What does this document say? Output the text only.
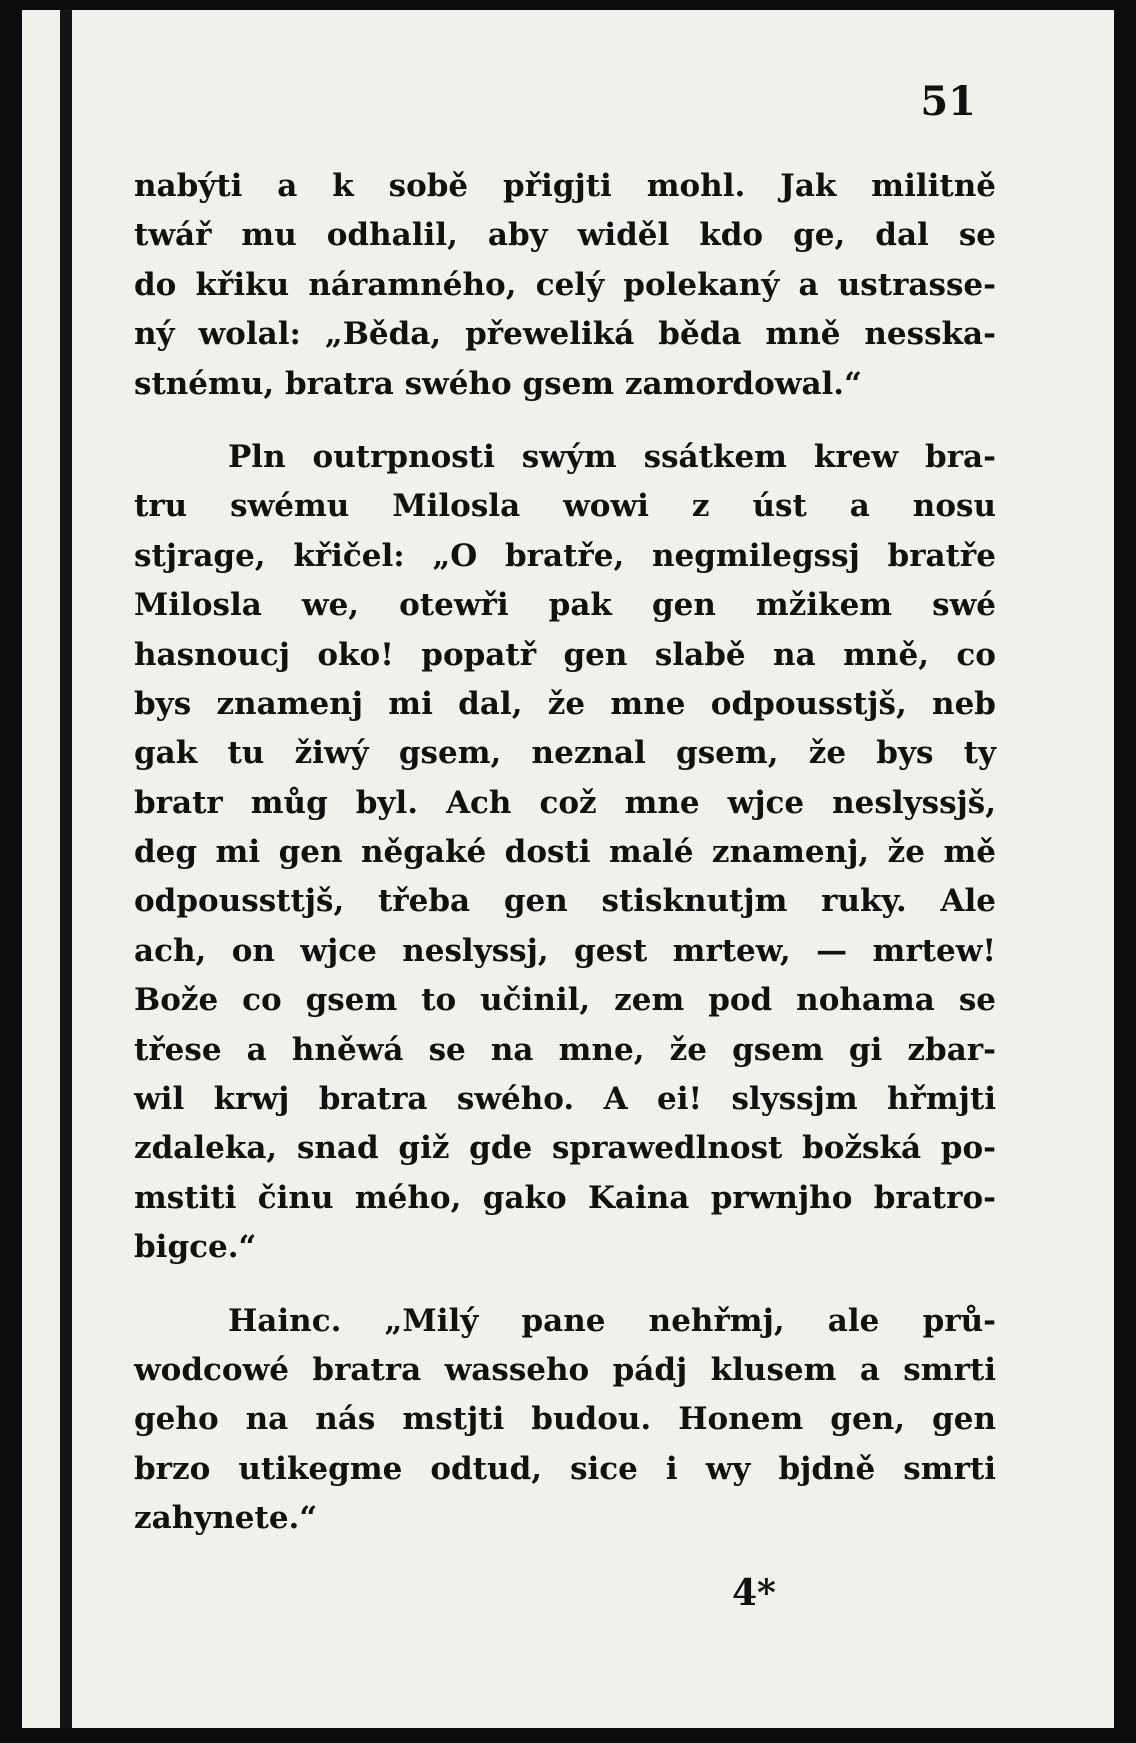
51
nabýti a k sobě přigjti mohl. Jak militně
twář mu odhalil, aby widěl kdo ge, dal se
do křiku náramného, celý polekaný a ustrasse-
ný wolal: „Běda, přeweliká běda mně nesska-
stnému, bratra swého gsem zamordowal.“
Pln outrpnosti swým ssátkem krew bra-
tru swému Milosla wowi z úst a nosu
stjrage, křičel: „O bratře, negmilegssj bratře
Milosla we, otewři pak gen mžikem swé
hasnoucj oko! popatř gen slabě na mně, co
bys znamenj mi dal, že mne odpousstjš, neb
gak tu žiwý gsem, neznal gsem, že bys ty
bratr můg byl. Ach což mne wjce neslyssjš,
deg mi gen něgaké dosti malé znamenj, že mě
odpoussttjš, třeba gen stisknutjm ruky. Ale
ach, on wjce neslyssj, gest mrtew, — mrtew!
Bože co gsem to učinil, zem pod nohama se
třese a hněwá se na mne, že gsem gi zbar-
wil krwj bratra swého. A ei! slyssjm hřmjti
zdaleka, snad giž gde sprawedlnost božská po-
mstiti činu mého, gako Kaina prwnjho bratro-
bigce.“
Hainc. „Milý pane nehřmj, ale prů-
wodcowé bratra wasseho pádj klusem a smrti
geho na nás mstjti budou. Honem gen, gen
brzo utikegme odtud, sice i wy bjdně smrti
zahynete.“
4*
